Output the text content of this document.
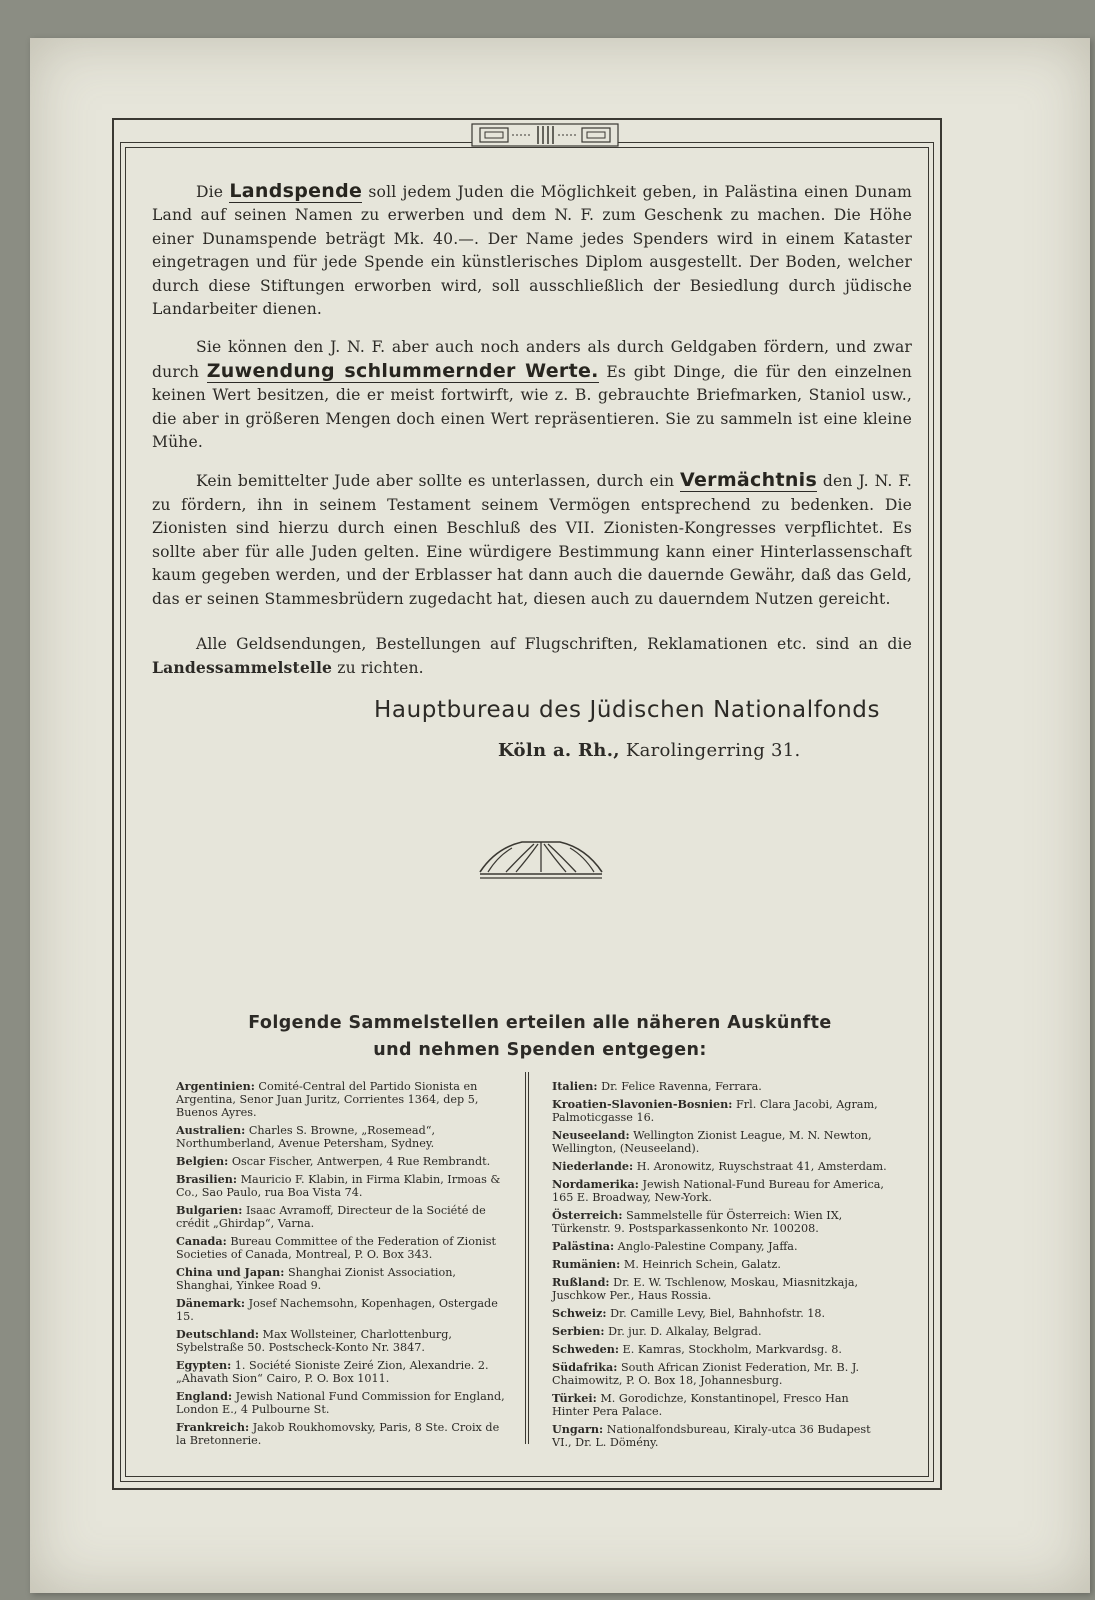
Die Landspende soll jedem Juden die Möglichkeit geben, in Palästina einen Dunam Land auf seinen Namen zu erwerben und dem N. F. zum Geschenk zu machen. Die Höhe einer Dunamspende beträgt Mk. 40.—. Der Name jedes Spenders wird in einem Kataster eingetragen und für jede Spende ein künstlerisches Diplom ausgestellt. Der Boden, welcher durch diese Stiftungen erworben wird, soll ausschließlich der Besiedlung durch jüdische Landarbeiter dienen.

Sie können den J. N. F. aber auch noch anders als durch Geldgaben fördern, und zwar durch Zuwendung schlummernder Werte. Es gibt Dinge, die für den einzelnen keinen Wert besitzen, die er meist fortwirft, wie z. B. gebrauchte Briefmarken, Staniol usw., die aber in größeren Mengen doch einen Wert repräsentieren. Sie zu sammeln ist eine kleine Mühe.

Kein bemittelter Jude aber sollte es unterlassen, durch ein Vermächtnis den J. N. F. zu fördern, ihn in seinem Testament seinem Vermögen entsprechend zu bedenken. Die Zionisten sind hierzu durch einen Beschluß des VII. Zionisten-Kongresses verpflichtet. Es sollte aber für alle Juden gelten. Eine würdigere Bestimmung kann einer Hinterlassenschaft kaum gegeben werden, und der Erblasser hat dann auch die dauernde Gewähr, daß das Geld, das er seinen Stammesbrüdern zugedacht hat, diesen auch zu dauerndem Nutzen gereicht.

Alle Geldsendungen, Bestellungen auf Flugschriften, Reklamationen etc. sind an die Landessammelstelle zu richten.

Hauptbureau des Jüdischen Nationalfonds
Köln a. Rh., Karolingerring 31.
Folgende Sammelstellen erteilen alle näheren Auskünfte
und nehmen Spenden entgegen:
Argentinien: Comité-Central del Partido Sionista en Argentina, Senor Juan Juritz, Corrientes 1364, dep 5, Buenos Ayres.
Australien: Charles S. Browne, „Rosemead“, Northumberland, Avenue Petersham, Sydney.
Belgien: Oscar Fischer, Antwerpen, 4 Rue Rembrandt.
Brasilien: Mauricio F. Klabin, in Firma Klabin, Irmoas & Co., Sao Paulo, rua Boa Vista 74.
Bulgarien: Isaac Avramoff, Directeur de la Société de crédit „Ghirdap“, Varna.
Canada: Bureau Committee of the Federation of Zionist Societies of Canada, Montreal, P. O. Box 343.
China und Japan: Shanghai Zionist Association, Shanghai, Yinkee Road 9.
Dänemark: Josef Nachemsohn, Kopenhagen, Ostergade 15.
Deutschland: Max Wollsteiner, Charlottenburg, Sybelstraße 50. Postscheck-Konto Nr. 3847.
Egypten: 1. Société Sioniste Zeiré Zion, Alexandrie. 2. „Ahavath Sion“ Cairo, P. O. Box 1011.
England: Jewish National Fund Commission for England, London E., 4 Pulbourne St.
Frankreich: Jakob Roukhomovsky, Paris, 8 Ste. Croix de la Bretonnerie.
Italien: Dr. Felice Ravenna, Ferrara.
Kroatien-Slavonien-Bosnien: Frl. Clara Jacobi, Agram, Palmoticgasse 16.
Neuseeland: Wellington Zionist League, M. N. Newton, Wellington, (Neuseeland).
Niederlande: H. Aronowitz, Ruyschstraat 41, Amsterdam.
Nordamerika: Jewish National-Fund Bureau for America, 165 E. Broadway, New-York.
Österreich: Sammelstelle für Österreich: Wien IX, Türkenstr. 9. Postsparkassenkonto Nr. 100208.
Palästina: Anglo-Palestine Company, Jaffa.
Rumänien: M. Heinrich Schein, Galatz.
Rußland: Dr. E. W. Tschlenow, Moskau, Miasnitzkaja, Juschkow Per., Haus Rossia.
Schweiz: Dr. Camille Levy, Biel, Bahnhofstr. 18.
Serbien: Dr. jur. D. Alkalay, Belgrad.
Schweden: E. Kamras, Stockholm, Markvardsg. 8.
Südafrika: South African Zionist Federation, Mr. B. J. Chaimowitz, P. O. Box 18, Johannesburg.
Türkei: M. Gorodichze, Konstantinopel, Fresco Han Hinter Pera Palace.
Ungarn: Nationalfondsbureau, Kiraly-utca 36 Budapest VI., Dr. L. Dömény.
